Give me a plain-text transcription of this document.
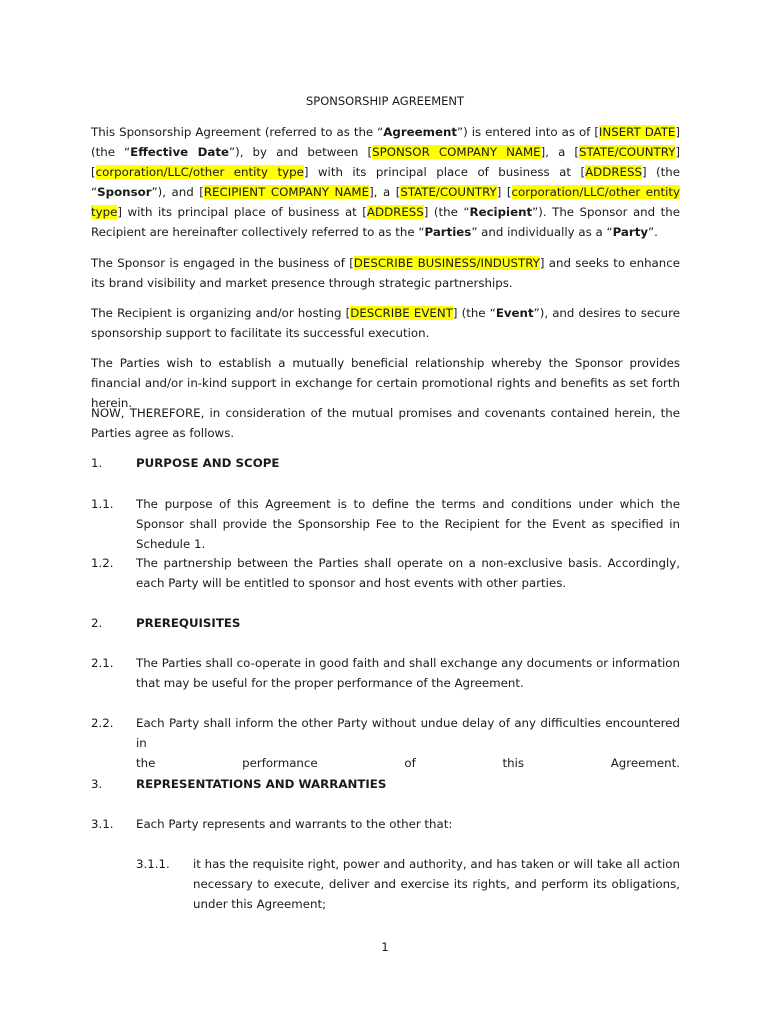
SPONSORSHIP AGREEMENT
This Sponsorship Agreement (referred to as the “Agreement”) is entered into as of [INSERT DATE] (the “Effective Date”), by and between [SPONSOR COMPANY NAME], a [STATE/COUNTRY] [corporation/LLC/other entity type] with its principal place of business at [ADDRESS] (the “Sponsor”), and [RECIPIENT COMPANY NAME], a [STATE/COUNTRY] [corporation/LLC/other entity type] with its principal place of business at [ADDRESS] (the “Recipient”). The Sponsor and the Recipient are hereinafter collectively referred to as the “Parties” and individually as a “Party”.
The Sponsor is engaged in the business of [DESCRIBE BUSINESS/INDUSTRY] and seeks to enhance its brand visibility and market presence through strategic partnerships.
The Recipient is organizing and/or hosting [DESCRIBE EVENT] (the “Event”), and desires to secure sponsorship support to facilitate its successful execution.
The Parties wish to establish a mutually beneficial relationship whereby the Sponsor provides financial and/or in-kind support in exchange for certain promotional rights and benefits as set forth herein.
NOW, THEREFORE, in consideration of the mutual promises and covenants contained herein, the Parties agree as follows.
1.	PURPOSE AND SCOPE
1.1. The purpose of this Agreement is to define the terms and conditions under which the Sponsor shall provide the Sponsorship Fee to the Recipient for the Event as specified in Schedule 1.
1.2. The partnership between the Parties shall operate on a non-exclusive basis. Accordingly, each Party will be entitled to sponsor and host events with other parties.
2.	PREREQUISITES
2.1. The Parties shall co-operate in good faith and shall exchange any documents or information that may be useful for the proper performance of the Agreement.
2.2. Each Party shall inform the other Party without undue delay of any difficulties encountered in
the	performance	of	this	Agreement.
3.	REPRESENTATIONS AND WARRANTIES
3.1. Each Party represents and warrants to the other that:
3.1.1. it has the requisite right, power and authority, and has taken or will take all action necessary to execute, deliver and exercise its rights, and perform its obligations, under this Agreement;
1
